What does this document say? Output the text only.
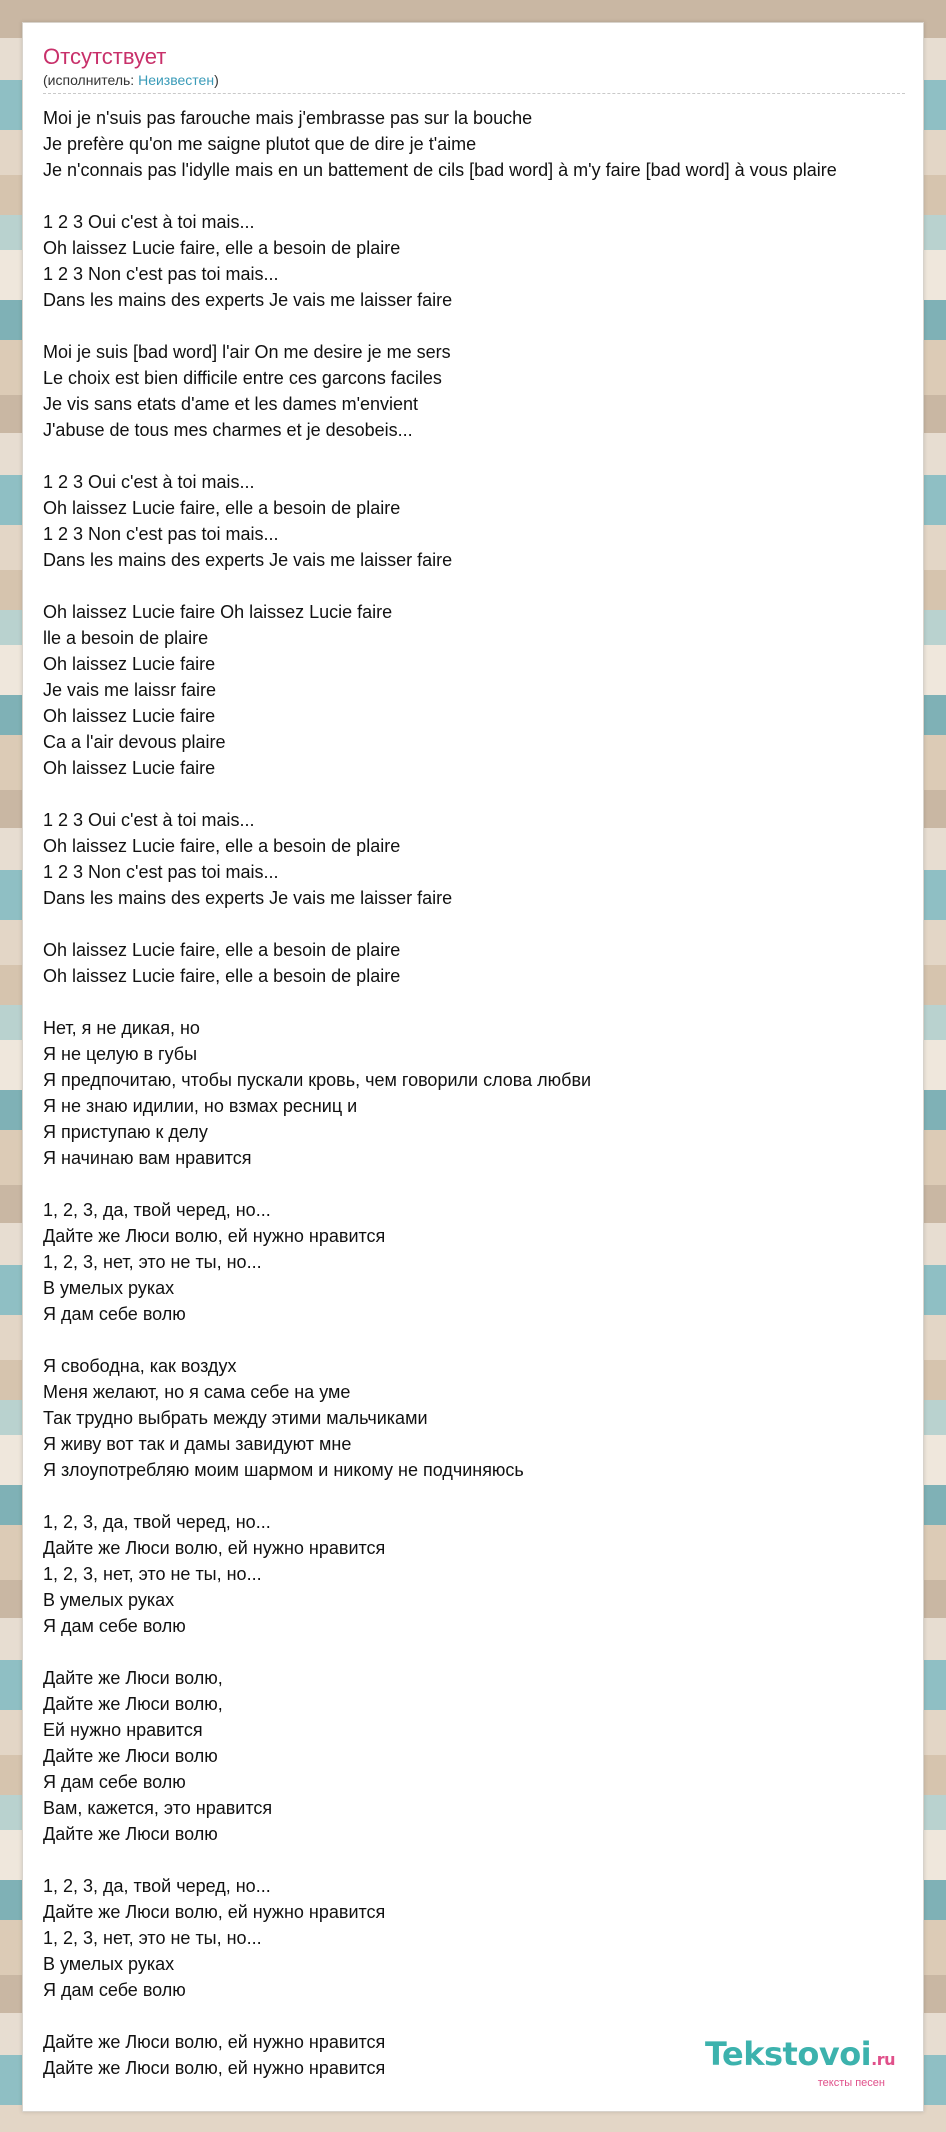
Отсутствует
(исполнитель: Неизвестен)
Moi je n'suis pas farouche mais j'embrasse pas sur la bouche
Je prefère qu'on me saigne plutot que de dire je t'aime
Je n'connais pas l'idylle mais en un battement de cils [bad word] à m'y faire [bad word] à vous plaire
1 2 3 Oui c'est à toi mais...
Oh laissez Lucie faire, elle a besoin de plaire
1 2 3 Non c'est pas toi mais...
Dans les mains des experts Je vais me laisser faire
Moi je suis [bad word] l'air On me desire je me sers
Le choix est bien difficile entre ces garcons faciles
Je vis sans etats d'ame et les dames m'envient
J'abuse de tous mes charmes et je desobeis...
1 2 3 Oui c'est à toi mais...
Oh laissez Lucie faire, elle a besoin de plaire
1 2 3 Non c'est pas toi mais...
Dans les mains des experts Je vais me laisser faire
Oh laissez Lucie faire Oh laissez Lucie faire
lle a besoin de plaire
Oh laissez Lucie faire
Je vais me laissr faire
Oh laissez Lucie faire
Ca a l'air devous plaire
Oh laissez Lucie faire
1 2 3 Oui c'est à toi mais...
Oh laissez Lucie faire, elle a besoin de plaire
1 2 3 Non c'est pas toi mais...
Dans les mains des experts Je vais me laisser faire
Oh laissez Lucie faire, elle a besoin de plaire
Oh laissez Lucie faire, elle a besoin de plaire
Нет, я не дикая, но
Я не целую в губы
Я предпочитаю, чтобы пускали кровь, чем говорили слова любви
Я не знаю идилии, но взмах ресниц и
Я приступаю к делу
Я начинаю вам нравится
1, 2, 3, да, твой черед, но...
Дайте же Люси волю, ей нужно нравится
1, 2, 3, нет, это не ты, но...
В умелых руках
Я дам себе волю
Я свободна, как воздух
Меня желают, но я сама себе на уме
Так трудно выбрать между этими мальчиками
Я живу вот так и дамы завидуют мне
Я злоупотребляю моим шармом и никому не подчиняюсь
1, 2, 3, да, твой черед, но...
Дайте же Люси волю, ей нужно нравится
1, 2, 3, нет, это не ты, но...
В умелых руках
Я дам себе волю
Дайте же Люси волю,
Дайте же Люси волю,
Ей нужно нравится
Дайте же Люси волю
Я дам себе волю
Вам, кажется, это нравится
Дайте же Люси волю
1, 2, 3, да, твой черед, но...
Дайте же Люси волю, ей нужно нравится
1, 2, 3, нет, это не ты, но...
В умелых руках
Я дам себе волю
Дайте же Люси волю, ей нужно нравится
Дайте же Люси волю, ей нужно нравится	Tekstovoi.ru
тексты песен
